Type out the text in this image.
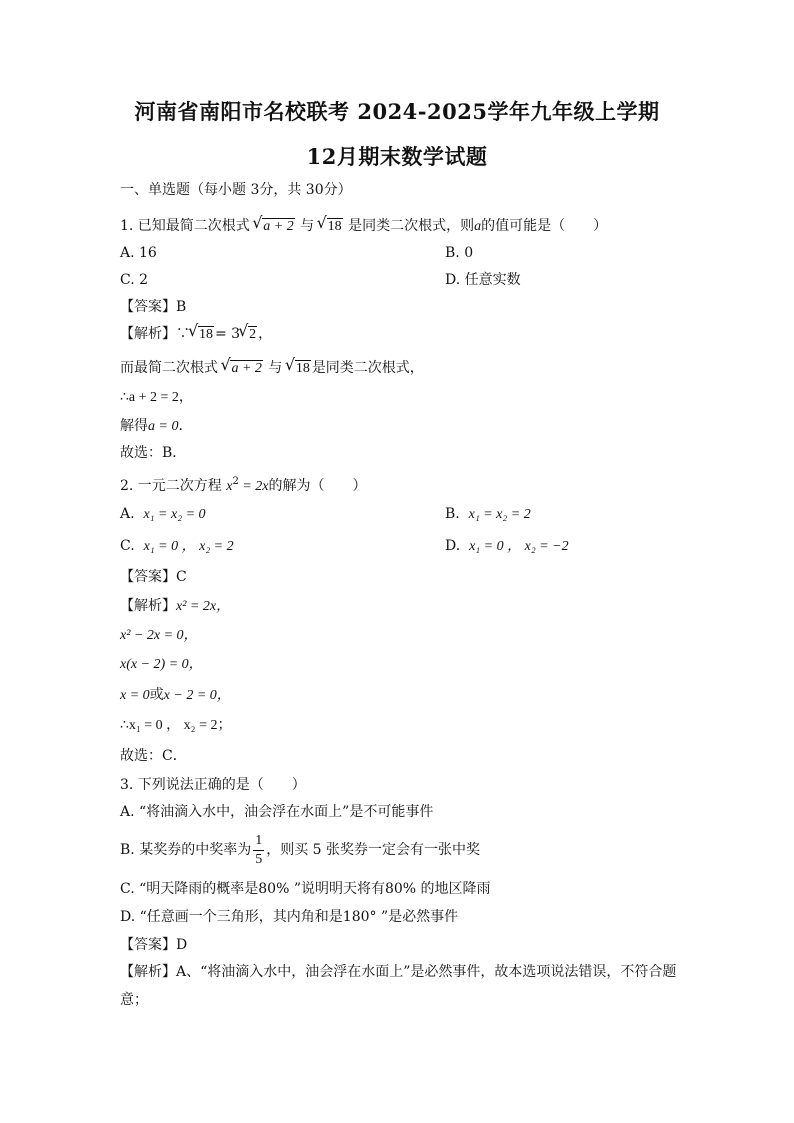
河南省南阳市名校联考 2024-2025学年九年级上学期
12月期末数学试题
一、单选题（每小题 3分，共 30分）
1. 已知最简二次根式 √ a + 2 与 √ 18 是同类二次根式，则a的值可能是（　　）
A. 16	B. 0
C. 2	D. 任意实数
【答案】B
【解析】∵ √ 18 = 3 √ 2 ，
而最简二次根式 √ a + 2 与 √ 18 是同类二次根式，
∴a + 2 = 2，
解得a = 0．
故选：B．
2. 一元二次方程 $x^2 = 2x$的解为（　　）
A. x₁ = x₂ = 0	B. x₁ = x₂ = 2
C. x₁ = 0 ， x₂ = 2	D. x₁ = 0 ， x₂ = −2
【答案】C
【解析】x² = 2x，
x² − 2x = 0，
x(x − 2) = 0，
x = 0或x − 2 = 0，
∴x₁ = 0 ， x₂ = 2；
故选：C．
3. 下列说法正确的是（　　）
A. “将油滴入水中，油会浮在水面上”是不可能事件
B. 某奖券的中奖率为 $\frac{1}{5}$ ，则买 5 张奖券一定会有一张中奖
C. “明天降雨的概率是80% ”说明明天将有80% 的地区降雨
D. “任意画一个三角形，其内角和是180° ”是必然事件
【答案】D
【解析】A、“将油滴入水中，油会浮在水面上”是必然事件，故本选项说法错误，不符合题
意；
